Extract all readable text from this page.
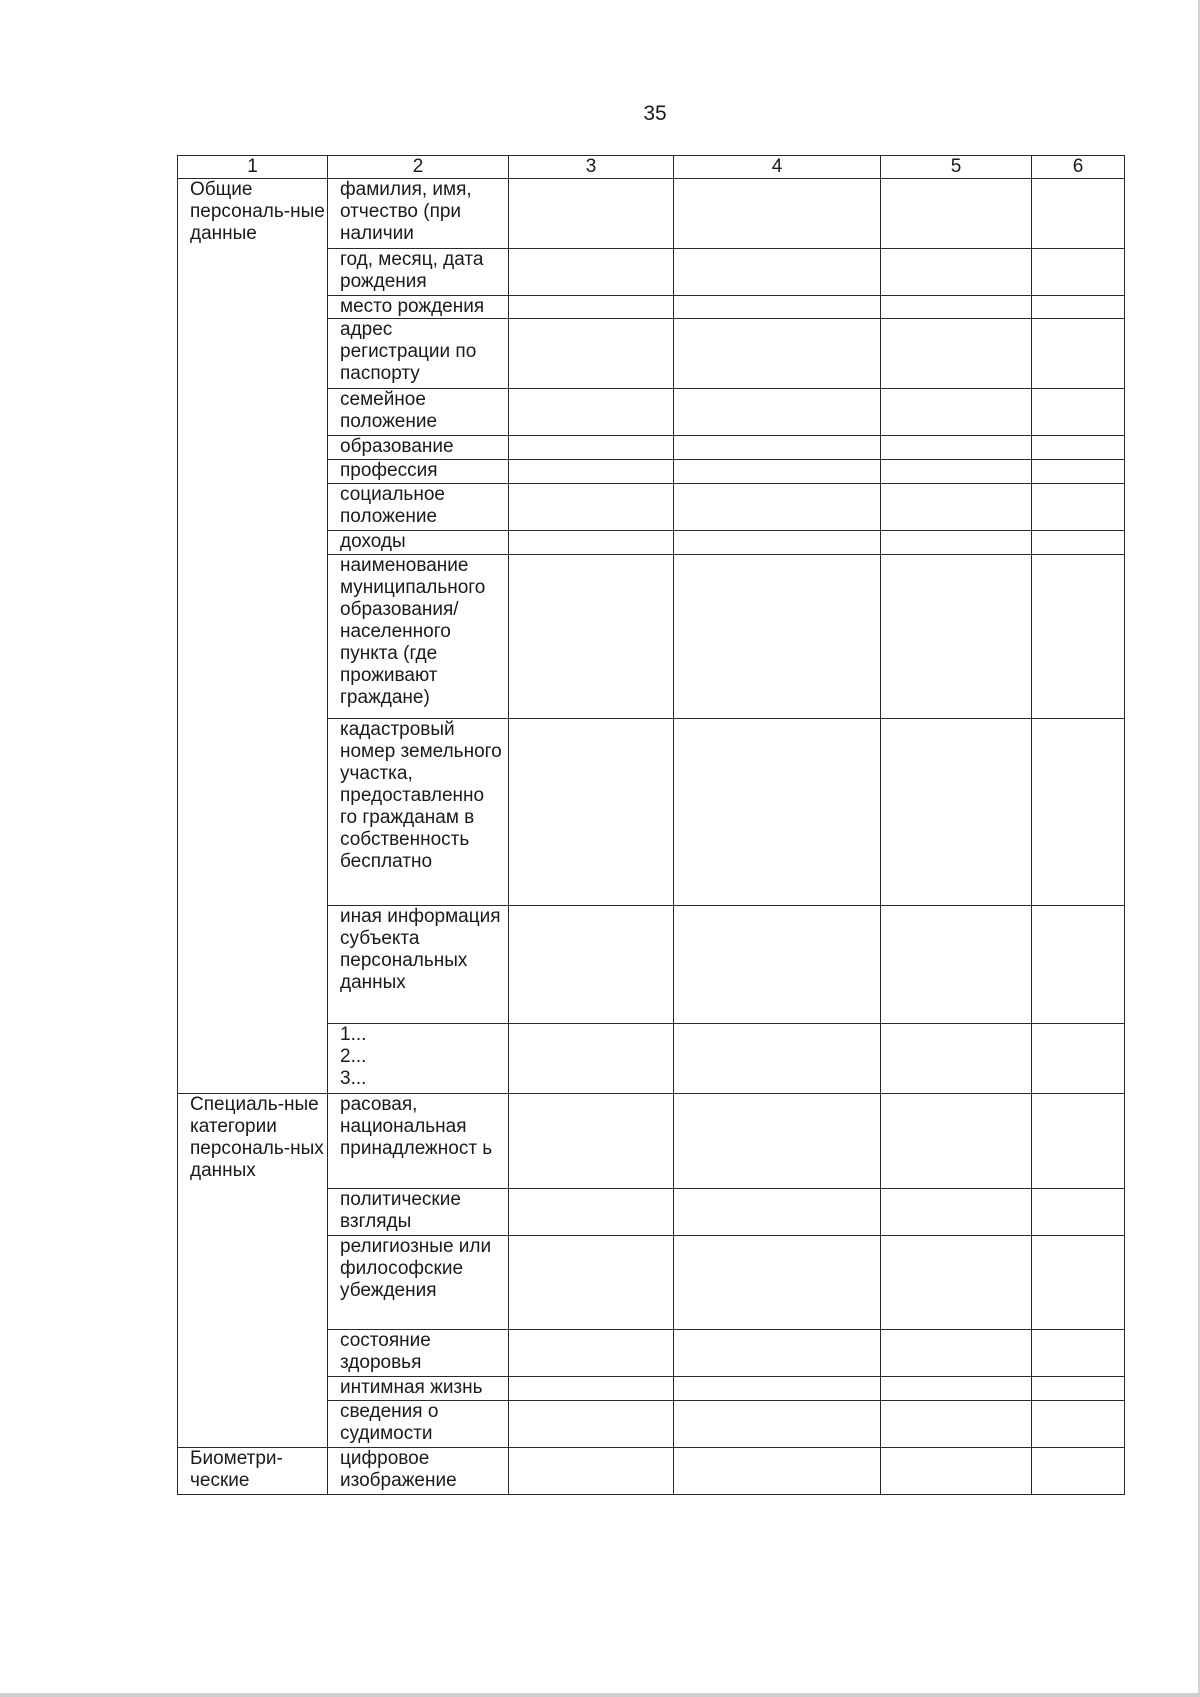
35
1	2	3	4	5	6
Общие персональ-ные данные	фамилия, имя, отчество (при наличии				
	год, месяц, дата рождения				
	место рождения				
	адрес регистрации по паспорту				
	семейное положение				
	образование				
	профессия				
	социальное положение				
	доходы				
	наименование муниципального образования/ населенного пункта (где проживают граждане)				
	кадастровый номер земельного участка, предоставленно го гражданам в собственность бесплатно				
	иная информация субъекта персональных данных				
	1...
2...
3...				
Специаль-ные категории персональ-ных данных	расовая, национальная принадлежност ь				
	политические взгляды				
	религиозные или философские убеждения				
	состояние здоровья				
	интимная жизнь				
	сведения о судимости				
Биометри-ческие	цифровое изображение				
